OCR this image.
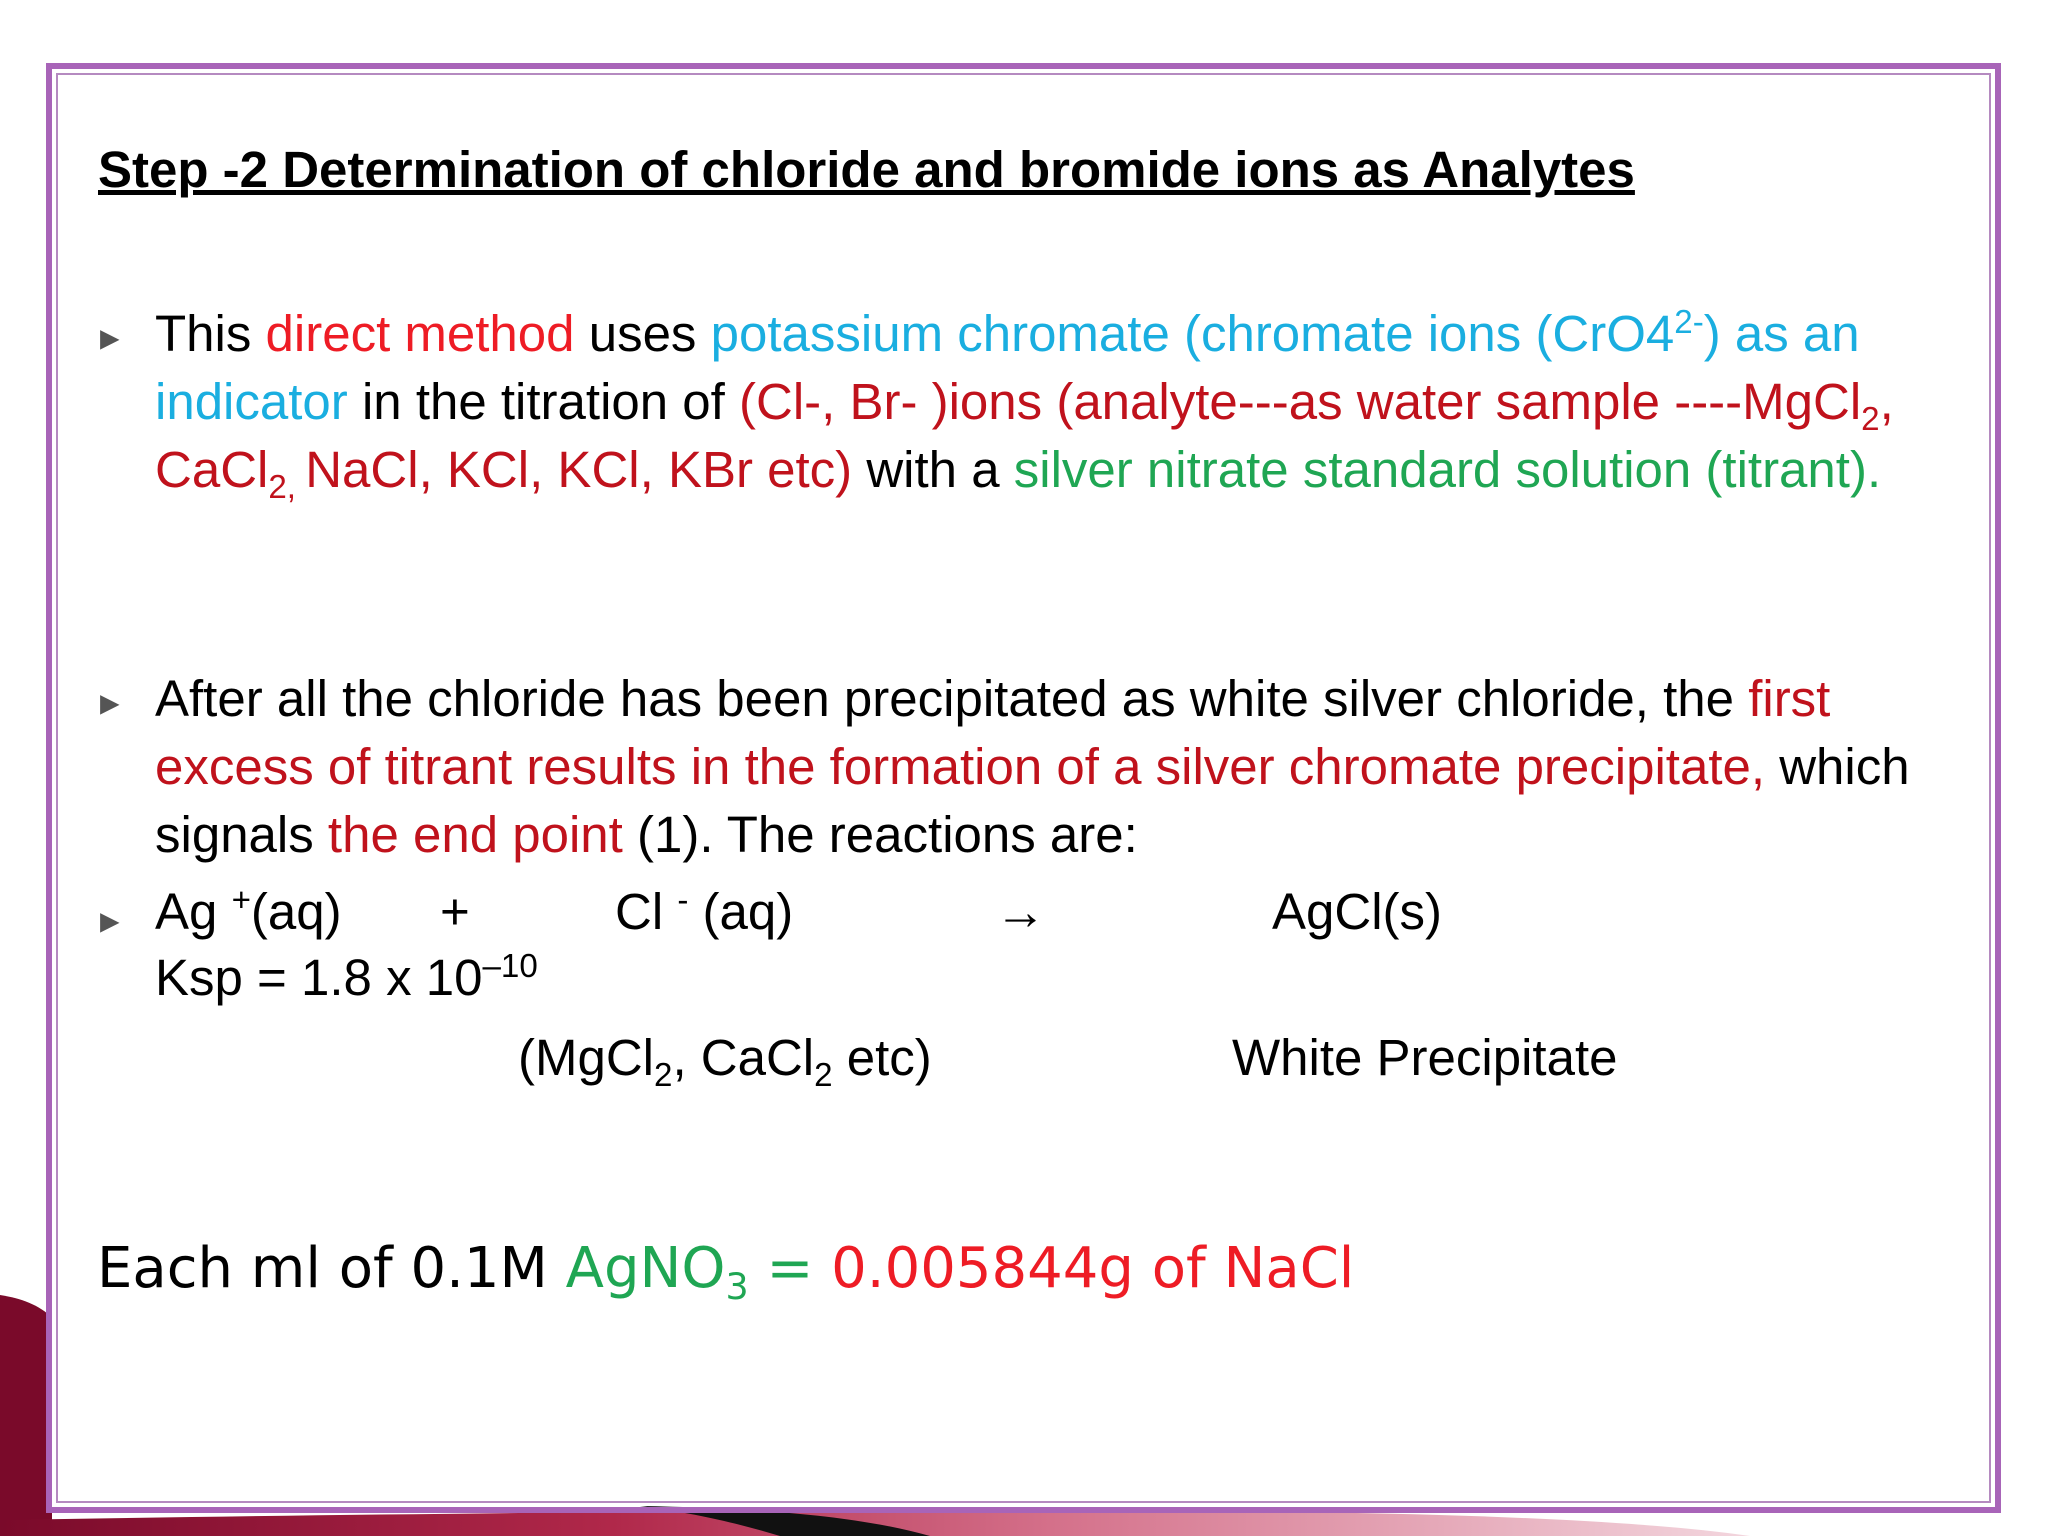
Step -2 Determination of chloride and bromide ions as Analytes
▸ This direct method uses potassium chromate (chromate ions $(CrO4^{2-})$ as an indicator in the titration of (Cl-, Br- )ions (analyte---as water sample ----MgCl$_2$, CaCl$_{2,}$ NaCl, KCl, KCl, KBr etc) with a silver nitrate standard solution (titrant).

▸ After all the chloride has been precipitated as white silver chloride, the first excess of titrant results in the formation of a silver chromate precipitate, which signals the end point (1). The reactions are:

▸ Ag +(aq) +	Cl - (aq)	→	AgCl(s)

Ksp = 1.8 x $10^{-10}$

(MgCl$_2$, CaCl$_2$ etc)	White Precipitate

Each ml of 0.1M AgNO$_3$ = 0.005844g of NaCl
